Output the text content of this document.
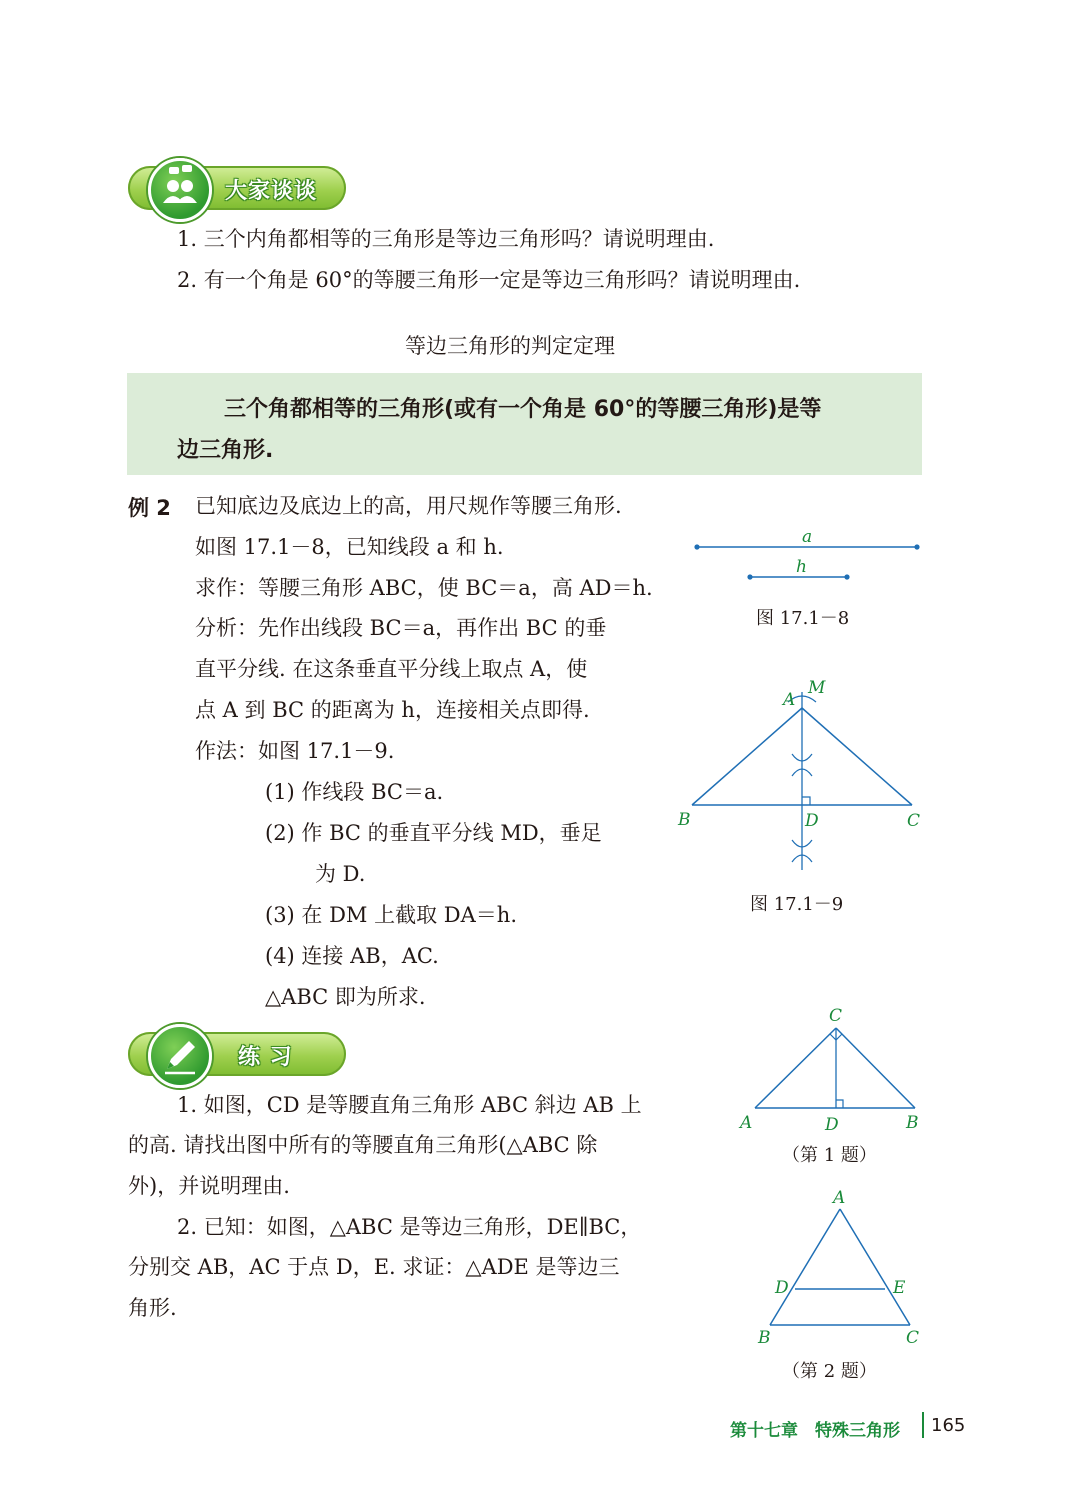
大家谈谈
1. 三个内角都相等的三角形是等边三角形吗？请说明理由.
2. 有一个角是 60°的等腰三角形一定是等边三角形吗？请说明理由.
等边三角形的判定定理
三个角都相等的三角形(或有一个角是 60°的等腰三角形)是等
边三角形.
例 2 已知底边及底边上的高，用尺规作等腰三角形.
如图 17.1－8，已知线段 a 和 h.
求作：等腰三角形 ABC，使 BC＝a，高 AD＝h.
分析：先作出线段 BC＝a，再作出 BC 的垂
直平分线. 在这条垂直平分线上取点 A，使
点 A 到 BC 的距离为 h，连接相关点即得.
作法：如图 17.1－9.
(1) 作线段 BC＝a.
(2) 作 BC 的垂直平分线 MD，垂足
为 D.
(3) 在 DM 上截取 DA＝h.
(4) 连接 AB，AC.
△ABC 即为所求.
a
h
图 17.1－8
A
M
B	C
D
图 17.1－9
练 习
1. 如图，CD 是等腰直角三角形 ABC 斜边 AB 上
的高. 请找出图中所有的等腰直角三角形(△ABC 除
外)，并说明理由.
2. 已知：如图，△ABC 是等边三角形，DE∥BC，
分别交 AB，AC 于点 D，E. 求证：△ADE 是等边三
角形.
C
A	D	B
（第 1 题）
A
D	E
B	C
（第 2 题）
第十七章　特殊三角形 165
